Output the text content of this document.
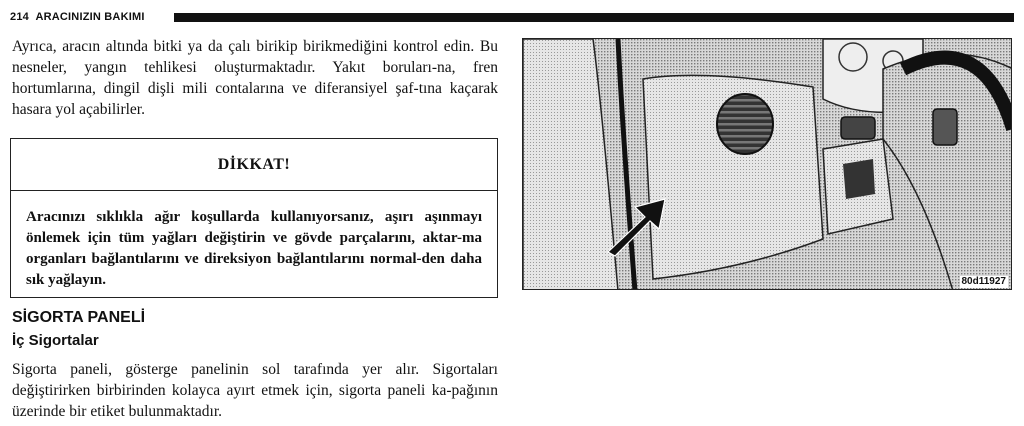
214 ARACINIZIN BAKIMI

Ayrıca, aracın altında bitki ya da çalı birikip birikmediğini kontrol edin. Bu nesneler, yangın tehlikesi oluşturmaktadır. Yakıt boruları-na, fren hortumlarına, dingil dişli mili contalarına ve diferansiyel şaf-tına kaçarak hasara yol açabilirler.

DİKKAT!

Aracınızı sıklıkla ağır koşullarda kullanıyorsanız, aşırı aşınmayı önlemek için tüm yağları değiştirin ve gövde parçalarını, aktar-ma organları bağlantılarını ve direksiyon bağlantılarını normal-den daha sık yağlayın.

SİGORTA PANELİ
İç Sigortalar

Sigorta paneli, gösterge panelinin sol tarafında yer alır. Sigortaları değiştirirken birbirinden kolayca ayırt etmek için, sigorta paneli ka-pağının üzerinde bir etiket bulunmaktadır.

80d11927
